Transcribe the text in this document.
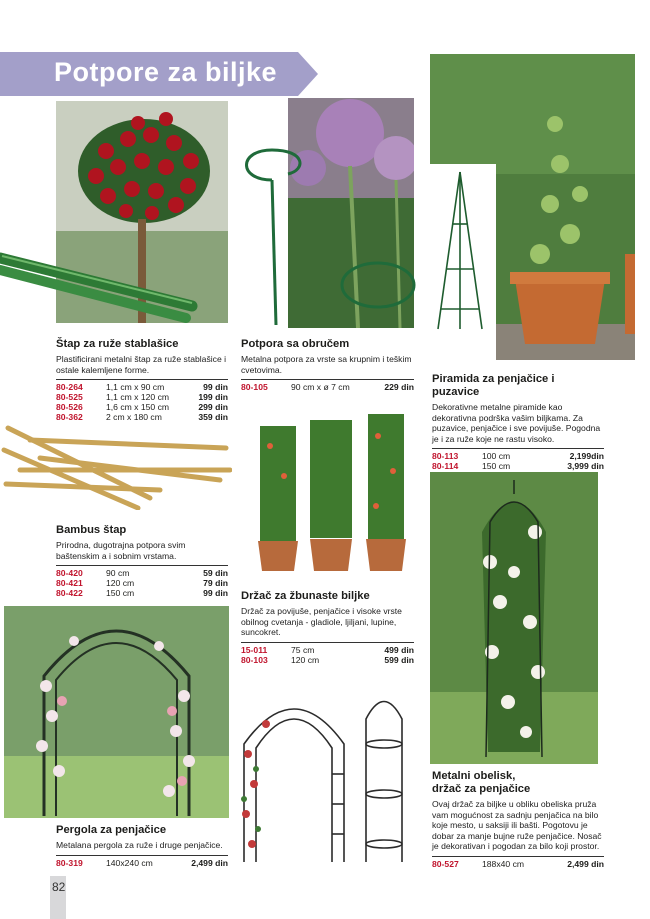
Potpore za biljke
Štap za ruže stablašice
Plastificirani metalni štap za ruže stablašice i ostale kalemljene forme.
80-264	1,1 cm x 90 cm	99 din
80-525	1,1 cm x 120 cm	199 din
80-526	1,6 cm x 150 cm	299 din
80-362	2 cm x 180 cm	359 din
Potpora sa obručem
Metalna potpora za vrste sa krupnim i teškim cvetovima.
80-105	90 cm x ø 7 cm	229 din
Piramida za penjačice i puzavice
Dekorativne metalne piramide kao dekorativna podrška vašim biljkama. Za puzavice, penjačice i sve povijuše. Pogodna je i za ruže koje ne rastu visoko.
80-113	100 cm	2,199din
80-114	150 cm	3,999 din
Bambus štap
Prirodna, dugotrajna potpora svim baštenskim a i sobnim vrstama.
80-420	90 cm	59 din
80-421	120 cm	79 din
80-422	150 cm	99 din Držač za žbunaste biljke
Držač za povijuše, penjačice i visoke vrste obilnog cvetanja - gladiole, ljiljani, lupine, suncokret.
15-011	75 cm	499 din
80-103	120 cm	599 din
Metalni obelisk,
držač za penjačice
Ovaj držač za biljke u obliku obeliska pruža vam mogućnost za sadnju penjačica na bilo koje mesto, u saksiji ili bašti. Pogotovu je dobar za manje bujne ruže penjačice. Nosač je dekorativan i pogodan za bilo koji prostor.
80-527	188x40 cm	2,499 din
Pergola za penjačice
Metalana pergola za ruže i druge penjačice.
80-319	140x240 cm	2,499 din
82
